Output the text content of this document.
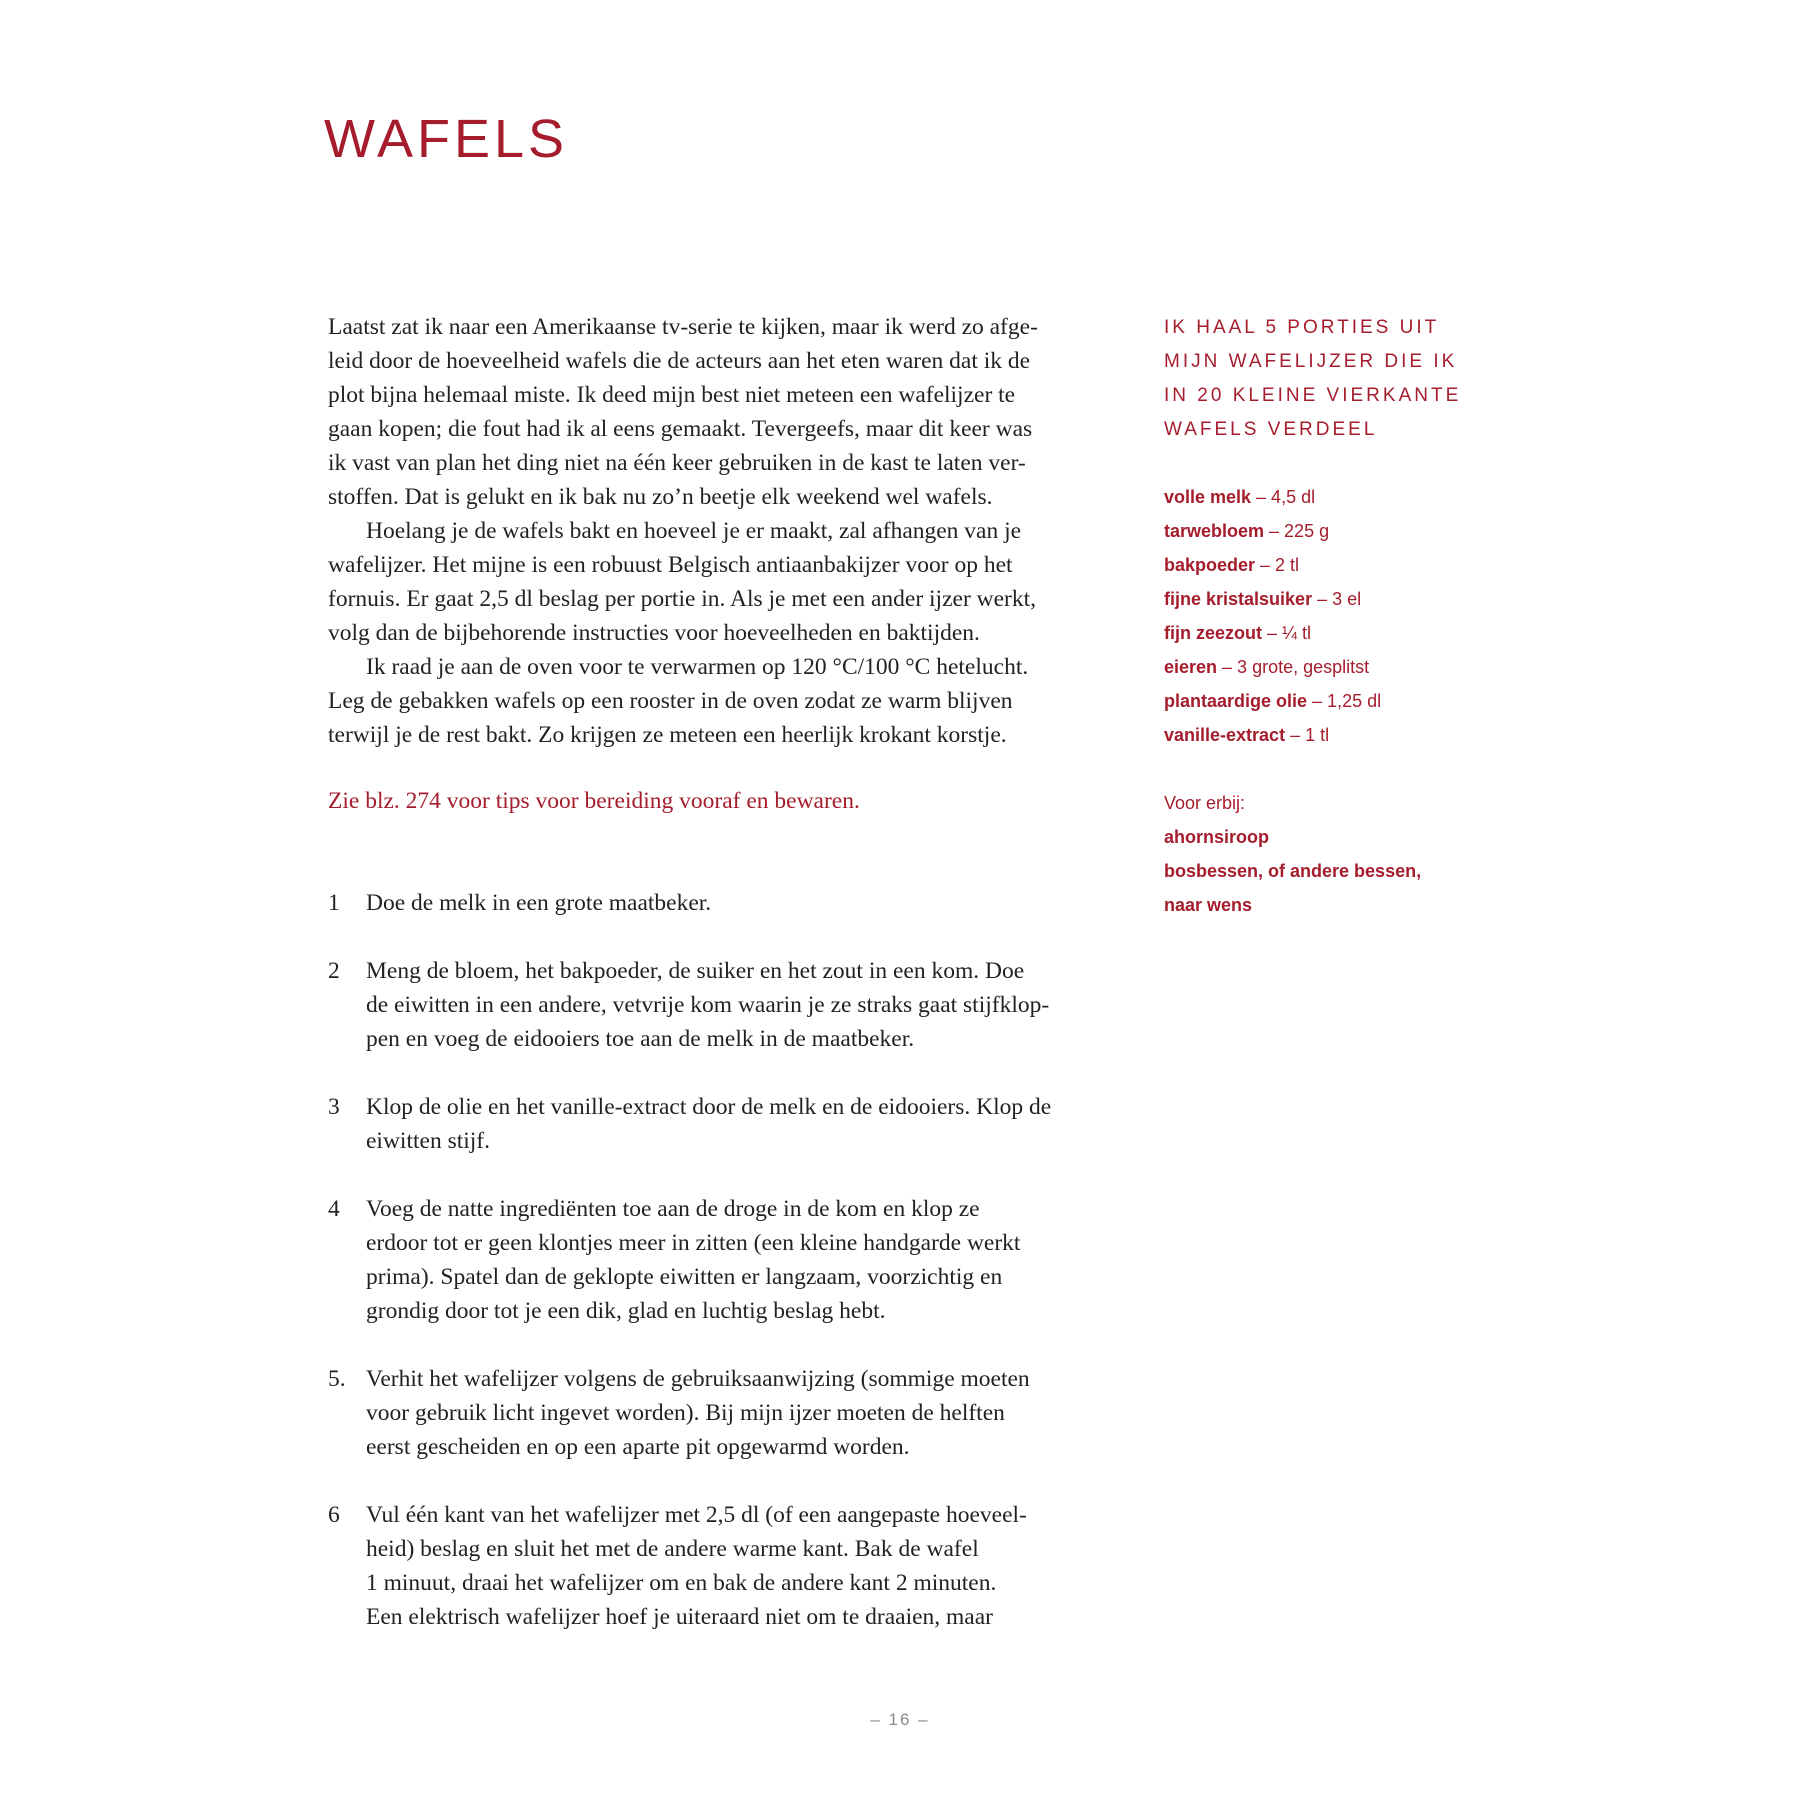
WAFELS
Laatst zat ik naar een Amerikaanse tv-serie te kijken, maar ik werd zo afge-
leid door de hoeveelheid wafels die de acteurs aan het eten waren dat ik de
plot bijna helemaal miste. Ik deed mijn best niet meteen een wafelijzer te
gaan kopen; die fout had ik al eens gemaakt. Tevergeefs, maar dit keer was
ik vast van plan het ding niet na één keer gebruiken in de kast te laten ver-
stoffen. Dat is gelukt en ik bak nu zo’n beetje elk weekend wel wafels.
Hoelang je de wafels bakt en hoeveel je er maakt, zal afhangen van je
wafelijzer. Het mijne is een robuust Belgisch antiaanbakijzer voor op het
fornuis. Er gaat 2,5 dl beslag per portie in. Als je met een ander ijzer werkt,
volg dan de bijbehorende instructies voor hoeveelheden en baktijden.
Ik raad je aan de oven voor te verwarmen op 120 °C/100 °C hetelucht.
Leg de gebakken wafels op een rooster in de oven zodat ze warm blijven
terwijl je de rest bakt. Zo krijgen ze meteen een heerlijk krokant korstje.
Zie blz. 274 voor tips voor bereiding vooraf en bewaren.
1 Doe de melk in een grote maatbeker.
2 Meng de bloem, het bakpoeder, de suiker en het zout in een kom. Doe
de eiwitten in een andere, vetvrije kom waarin je ze straks gaat stijfklop-
pen en voeg de eidooiers toe aan de melk in de maatbeker.
3 Klop de olie en het vanille-extract door de melk en de eidooiers. Klop de
eiwitten stijf.
4 Voeg de natte ingrediënten toe aan de droge in de kom en klop ze
erdoor tot er geen klontjes meer in zitten (een kleine handgarde werkt
prima). Spatel dan de geklopte eiwitten er langzaam, voorzichtig en
grondig door tot je een dik, glad en luchtig beslag hebt.
5. Verhit het wafelijzer volgens de gebruiksaanwijzing (sommige moeten
voor gebruik licht ingevet worden). Bij mijn ijzer moeten de helften
eerst gescheiden en op een aparte pit opgewarmd worden.
6 Vul één kant van het wafelijzer met 2,5 dl (of een aangepaste hoeveel-
heid) beslag en sluit het met de andere warme kant. Bak de wafel
1 minuut, draai het wafelijzer om en bak de andere kant 2 minuten.
Een elektrisch wafelijzer hoef je uiteraard niet om te draaien, maar
IK HAAL 5 PORTIES UIT
MIJN WAFELIJZER DIE IK
IN 20 KLEINE VIERKANTE
WAFELS VERDEEL
volle melk – 4,5 dl
tarwebloem – 225 g
bakpoeder – 2 tl
fijne kristalsuiker – 3 el
fijn zeezout – ¼ tl
eieren – 3 grote, gesplitst
plantaardige olie – 1,25 dl
vanille-extract – 1 tl
Voor erbij:
ahornsiroop
bosbessen, of andere bessen,
naar wens
– 16 –
